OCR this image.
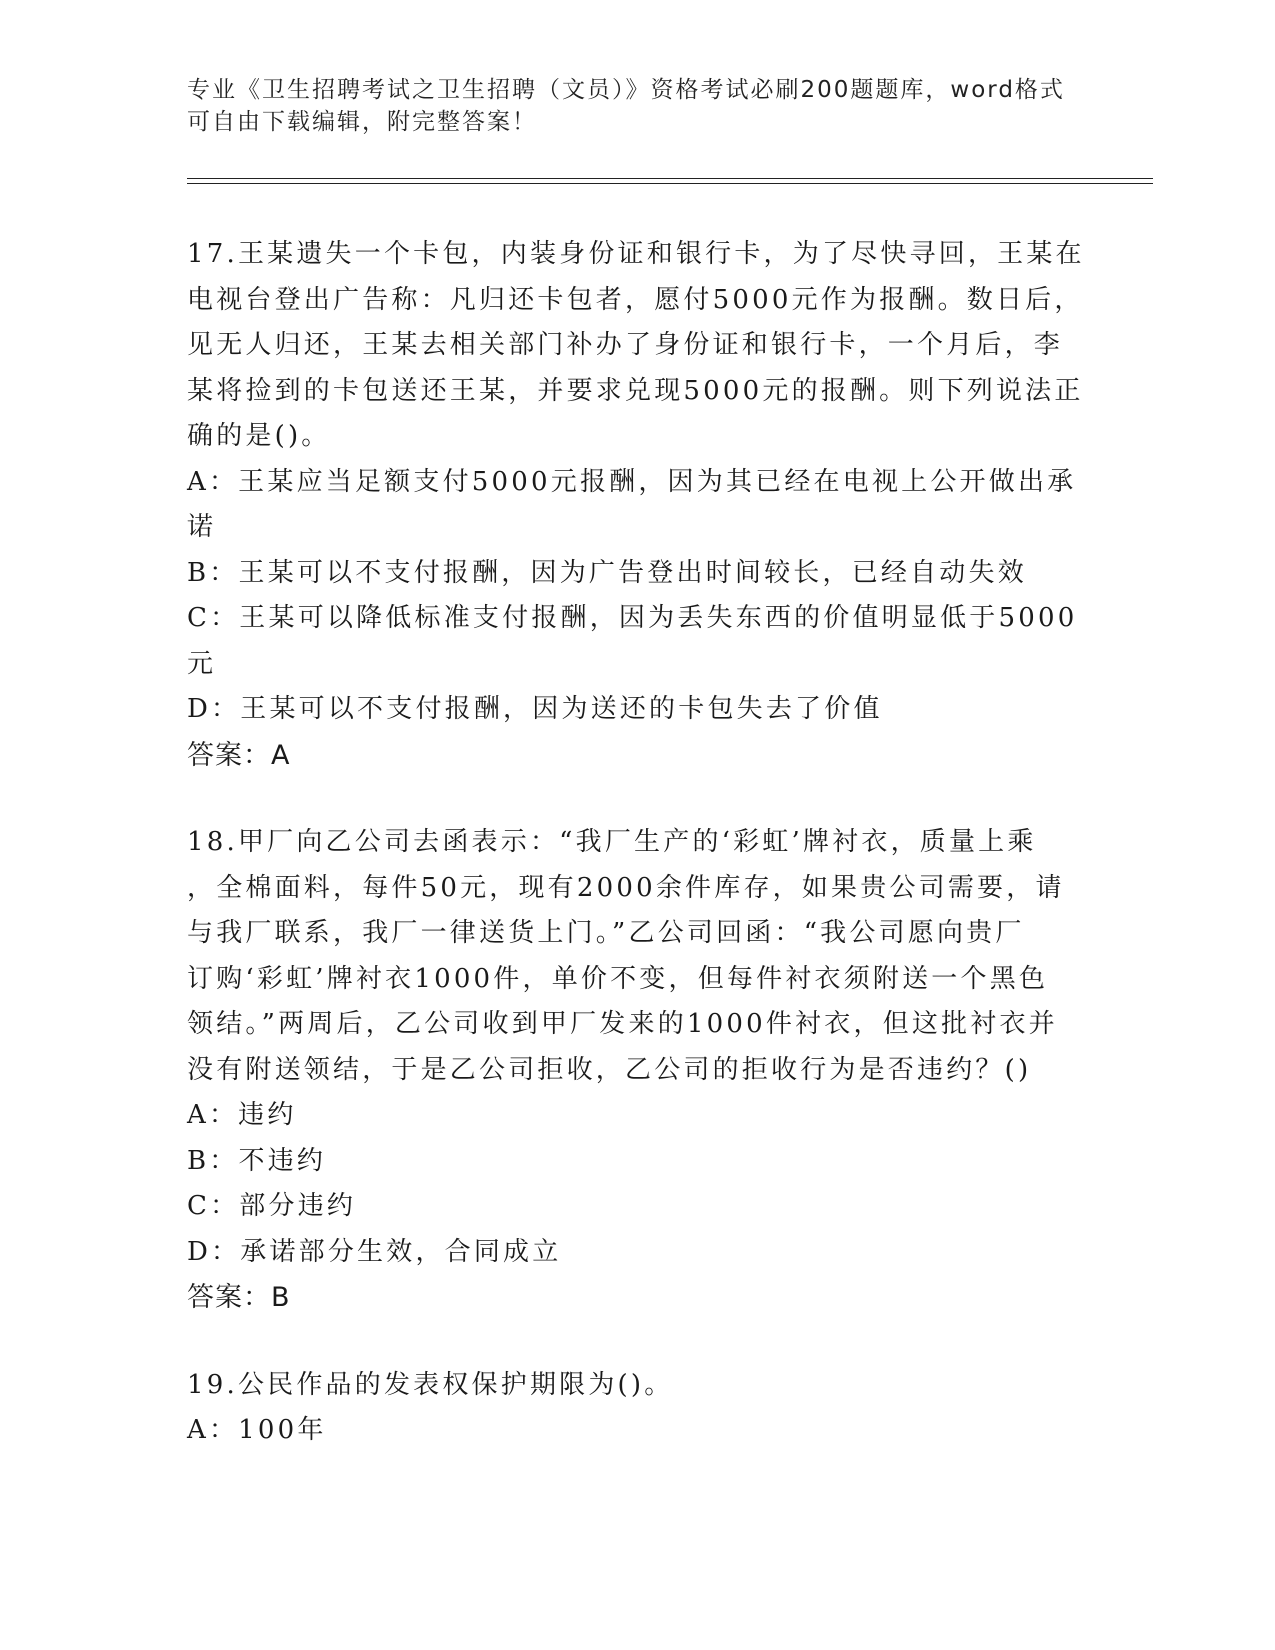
专业《卫生招聘考试之卫生招聘（文员）》资格考试必刷200题题库，word格式
可自由下载编辑，附完整答案！
17.王某遗失一个卡包，内装身份证和银行卡，为了尽快寻回，王某在
电视台登出广告称：凡归还卡包者，愿付5000元作为报酬。数日后，
见无人归还，王某去相关部门补办了身份证和银行卡，一个月后，李
某将捡到的卡包送还王某，并要求兑现5000元的报酬。则下列说法正
确的是()。
A：王某应当足额支付5000元报酬，因为其已经在电视上公开做出承
诺
B：王某可以不支付报酬，因为广告登出时间较长，已经自动失效
C：王某可以降低标准支付报酬，因为丢失东西的价值明显低于5000
元
D：王某可以不支付报酬，因为送还的卡包失去了价值
答案：A
18.甲厂向乙公司去函表示：“我厂生产的‘彩虹’牌衬衣，质量上乘
，全棉面料，每件50元，现有2000余件库存，如果贵公司需要，请
与我厂联系，我厂一律送货上门。”乙公司回函：“我公司愿向贵厂
订购‘彩虹’牌衬衣1000件，单价不变，但每件衬衣须附送一个黑色
领结。”两周后，乙公司收到甲厂发来的1000件衬衣，但这批衬衣并
没有附送领结，于是乙公司拒收，乙公司的拒收行为是否违约？()
A：违约
B：不违约
C：部分违约
D：承诺部分生效，合同成立
答案：B
19.公民作品的发表权保护期限为()。
A：100年
